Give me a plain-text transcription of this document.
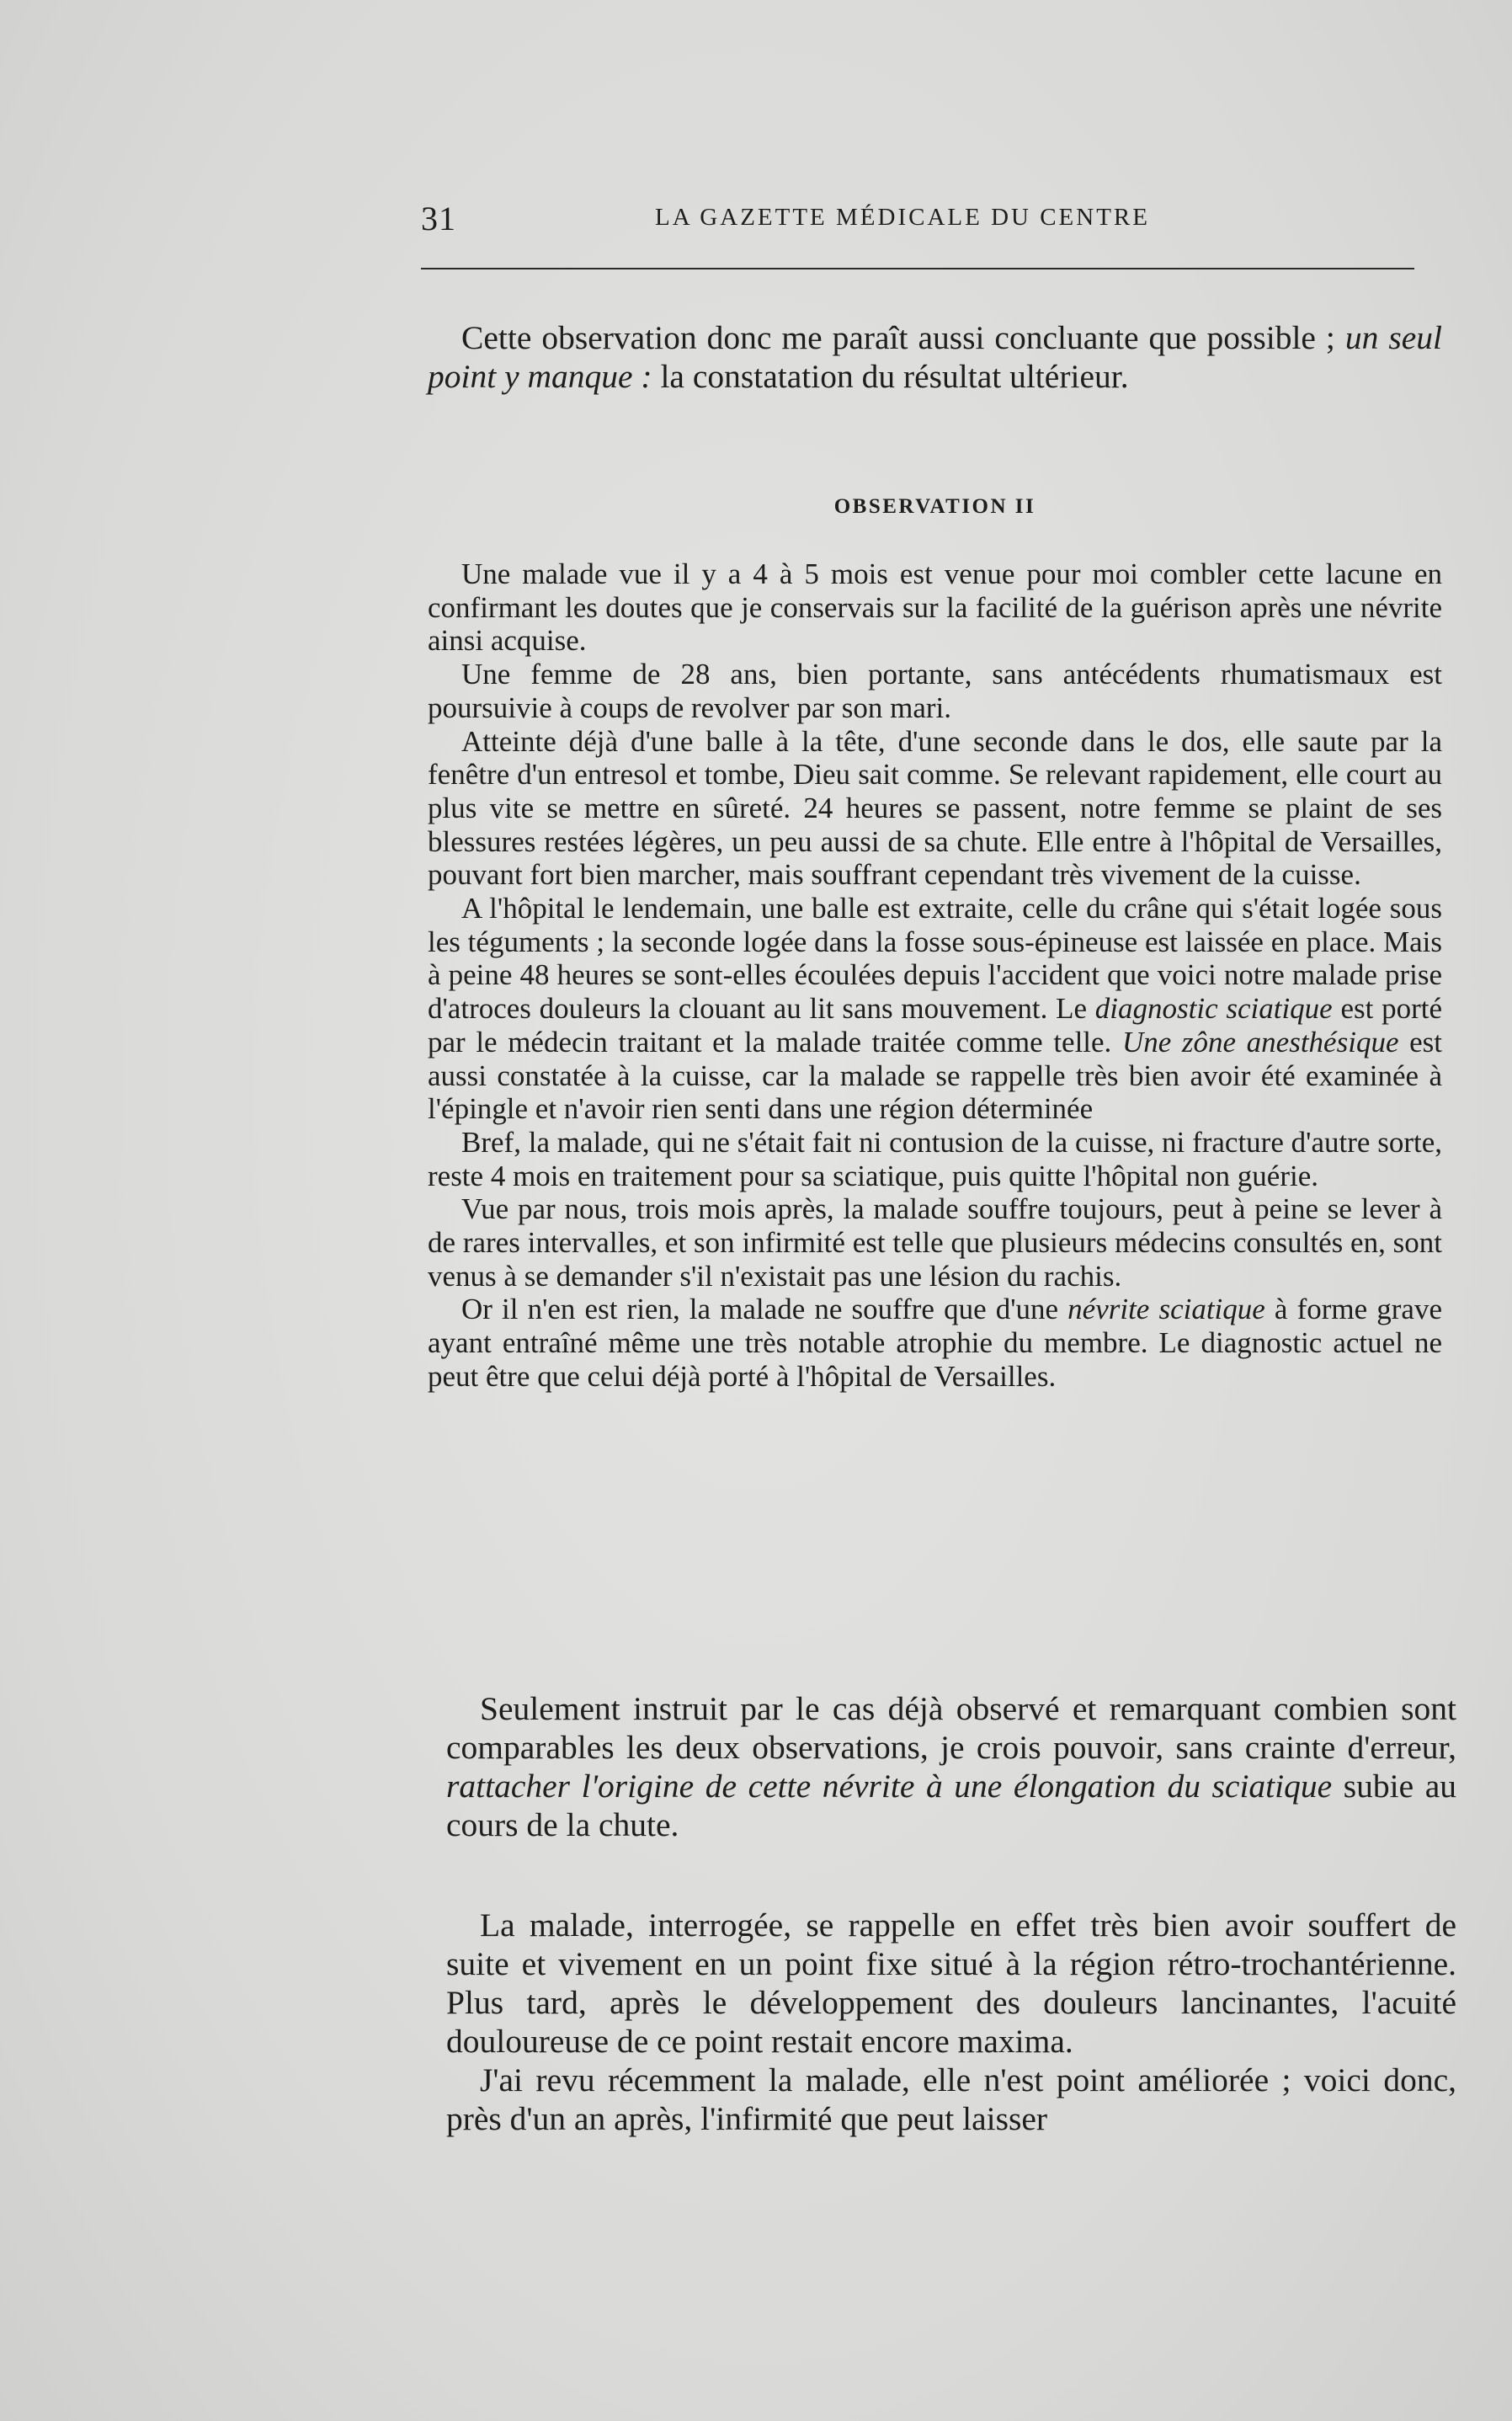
31	LA GAZETTE MÉDICALE DU CENTRE

Cette observation donc me paraît aussi concluante que possible ; un seul point y manque : la constatation du résultat ultérieur.

OBSERVATION II

Une malade vue il y a 4 à 5 mois est venue pour moi combler cette lacune en confirmant les doutes que je conservais sur la facilité de la guérison après une névrite ainsi acquise.

Une femme de 28 ans, bien portante, sans antécédents rhumatismaux est poursuivie à coups de revolver par son mari.

Atteinte déjà d'une balle à la tête, d'une seconde dans le dos, elle saute par la fenêtre d'un entresol et tombe, Dieu sait comme. Se relevant rapidement, elle court au plus vite se mettre en sûreté. 24 heures se passent, notre femme se plaint de ses blessures restées légères, un peu aussi de sa chute. Elle entre à l'hôpital de Versailles, pouvant fort bien marcher, mais souffrant cependant très vivement de la cuisse.

A l'hôpital le lendemain, une balle est extraite, celle du crâne qui s'était logée sous les téguments ; la seconde logée dans la fosse sous-épineuse est laissée en place. Mais à peine 48 heures se sont-elles écoulées depuis l'accident que voici notre malade prise d'atroces douleurs la clouant au lit sans mouvement. Le diagnostic sciatique est porté par le médecin traitant et la malade traitée comme telle. Une zône anesthésique est aussi constatée à la cuisse, car la malade se rappelle très bien avoir été examinée à l'épingle et n'avoir rien senti dans une région déterminée

Bref, la malade, qui ne s'était fait ni contusion de la cuisse, ni fracture d'autre sorte, reste 4 mois en traitement pour sa sciatique, puis quitte l'hôpital non guérie.

Vue par nous, trois mois après, la malade souffre toujours, peut à peine se lever à de rares intervalles, et son infirmité est telle que plusieurs médecins consultés en, sont venus à se demander s'il n'existait pas une lésion du rachis.

Or il n'en est rien, la malade ne souffre que d'une névrite sciatique à forme grave ayant entraîné même une très notable atrophie du membre. Le diagnostic actuel ne peut être que celui déjà porté à l'hôpital de Versailles.

Seulement instruit par le cas déjà observé et remarquant combien sont comparables les deux observations, je crois pouvoir, sans crainte d'erreur, rattacher l'origine de cette névrite à une élongation du sciatique subie au cours de la chute.

La malade, interrogée, se rappelle en effet très bien avoir souffert de suite et vivement en un point fixe situé à la région rétro-trochantérienne. Plus tard, après le développement des douleurs lancinantes, l'acuité douloureuse de ce point restait encore maxima.

J'ai revu récemment la malade, elle n'est point améliorée ; voici donc, près d'un an après, l'infirmité que peut laisser
